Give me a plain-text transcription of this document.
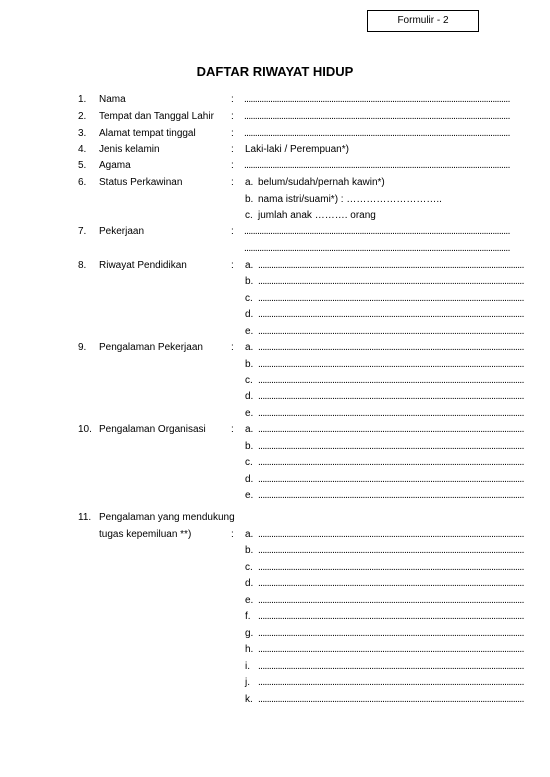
Formulir - 2
DAFTAR RIWAYAT HIDUP
1. Nama	: ..........................................................................................................................
2. Tempat dan Tanggal Lahir : ..........................................................................................................................
3. Alamat tempat tinggal	: ..........................................................................................................................
4. Jenis kelamin	: Laki-laki / Perempuan*)
5. Agama	: ..........................................................................................................................
6. Status Perkawinan	: a. belum/sudah/pernah kawin*)
b. nama istri/suami*) : ………………………..
c. jumlah anak ………. orang
7. Pekerjaan	: ..........................................................................................................................
..........................................................................................................................
8. Riwayat Pendidikan	: a. ..........................................................................................................................
b. ..........................................................................................................................
c. ..........................................................................................................................
d. ..........................................................................................................................
e. ..........................................................................................................................
9. Pengalaman Pekerjaan	: a. ..........................................................................................................................
b. ..........................................................................................................................
c. ..........................................................................................................................
d. ..........................................................................................................................
e. ..........................................................................................................................
10. Pengalaman Organisasi	: a. ..........................................................................................................................
b. ..........................................................................................................................
c. ..........................................................................................................................
d. ..........................................................................................................................
e. ..........................................................................................................................
11. Pengalaman yang mendukung
tugas kepemiluan **)	: a. ..........................................................................................................................
b. ..........................................................................................................................
c. ..........................................................................................................................
d. ..........................................................................................................................
e. ..........................................................................................................................
f. ..........................................................................................................................
g. ..........................................................................................................................
h. ..........................................................................................................................
i. ..........................................................................................................................
j. ..........................................................................................................................
k. ..........................................................................................................................
